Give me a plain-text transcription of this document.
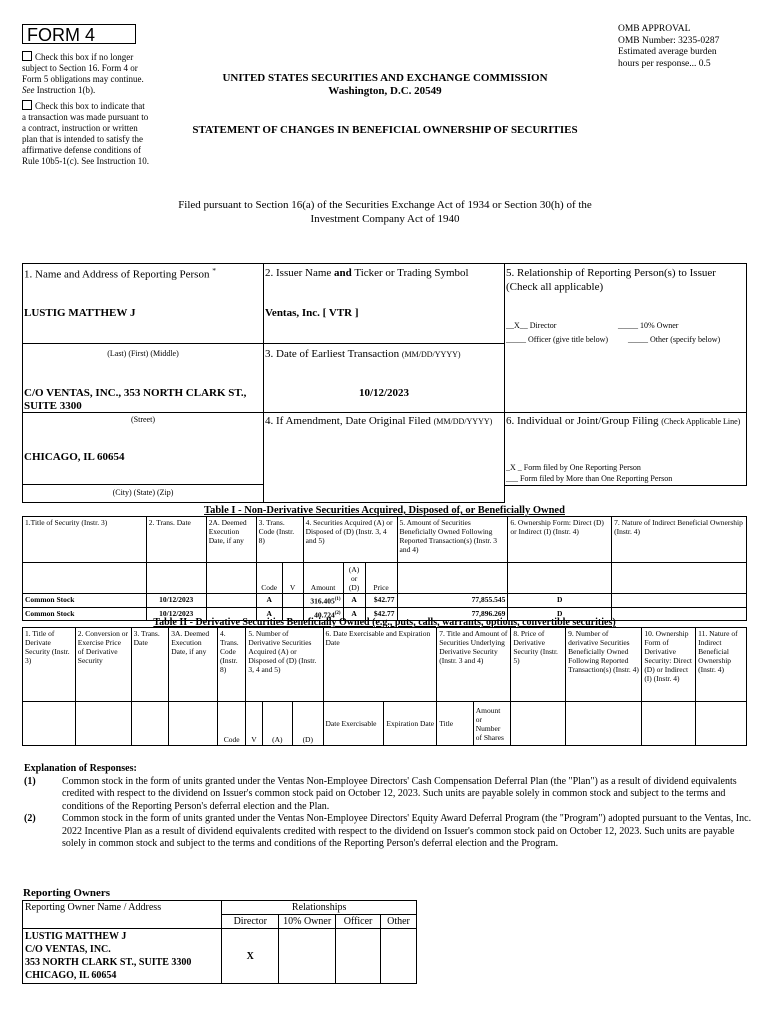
FORM 4
Check this box if no longer subject to Section 16. Form 4 or Form 5 obligations may continue. See Instruction 1(b).
Check this box to indicate that a transaction was made pursuant to a contract, instruction or written plan that is intended to satisfy the affirmative defense conditions of Rule 10b5-1(c). See Instruction 10.
UNITED STATES SECURITIES AND EXCHANGE COMMISSION
Washington, D.C. 20549
STATEMENT OF CHANGES IN BENEFICIAL OWNERSHIP OF SECURITIES
OMB APPROVAL
OMB Number: 3235-0287
Estimated average burden
hours per response... 0.5
Filed pursuant to Section 16(a) of the Securities Exchange Act of 1934 or Section 30(h) of the
Investment Company Act of 1940
1. Name and Address of Reporting Person *
LUSTIG MATTHEW J
(Last) (First) (Middle)
C/O VENTAS, INC., 353 NORTH CLARK ST., SUITE 3300
(Street)
CHICAGO, IL 60654
(City) (State) (Zip)
2. Issuer Name and Ticker or Trading Symbol
Ventas, Inc. [ VTR ]
3. Date of Earliest Transaction (MM/DD/YYYY)
10/12/2023
4. If Amendment, Date Original Filed (MM/DD/YYYY)
5. Relationship of Reporting Person(s) to Issuer (Check all applicable)
__X__ Director	_____ 10% Owner
_____ Officer (give title below) _____ Other (specify below)
6. Individual or Joint/Group Filing (Check Applicable Line)
_X _ Form filed by One Reporting Person
___ Form filed by More than One Reporting Person
Table I - Non-Derivative Securities Acquired, Disposed of, or Beneficially Owned
1.Title of Security (Instr. 3)	2. Trans. Date	2A. Deemed Execution Date, if any	3. Trans. Code (Instr. 8)		4. Securities Acquired (A) or Disposed of (D) (Instr. 3, 4 and 5)			5. Amount of Securities Beneficially Owned Following Reported Transaction(s) (Instr. 3 and 4)	6. Ownership Form: Direct (D) or Indirect (I) (Instr. 4)	7. Nature of Indirect Beneficial Ownership (Instr. 4)
			Code	V	Amount	(A) or (D)	Price			
Common Stock	10/12/2023		A		316.405$^{(1)}$	A	$42.77	77,855.545	D	
Common Stock	10/12/2023		A		40.724$^{(2)}$	A	$42.77	77,896.269	D	
Table II - Derivative Securities Beneficially Owned (e.g., puts, calls, warrants, options, convertible securities)
1. Title of Derivate Security (Instr. 3)	2. Conversion or Exercise Price of Derivative Security	3. Trans. Date	3A. Deemed Execution Date, if any	4. Trans. Code (Instr. 8)	5. Number of Derivative Securities Acquired (A) or Disposed of (D) (Instr. 3, 4 and 5)			6. Date Exercisable and Expiration Date		7. Title and Amount of Securities Underlying Derivative Security (Instr. 3 and 4)		8. Price of Derivative Security (Instr. 5)	9. Number of derivative Securities Beneficially Owned Following Reported Transaction(s) (Instr. 4)	10. Ownership Form of Derivative Security: Direct (D) or Indirect (I) (Instr. 4)	11. Nature of Indirect Beneficial Ownership (Instr. 4)
				Code	V	(A)	(D)	Date Exercisable	Expiration Date	Title	Amount or Number of Shares				
Explanation of Responses:
(1)	Common stock in the form of units granted under the Ventas Non-Employee Directors' Cash Compensation Deferral Plan (the "Plan") as a result of dividend equivalents credited with respect to the dividend on Issuer's common stock paid on October 12, 2023. Such units are payable solely in common stock and subject to the terms and conditions of the Reporting Person's deferral election and the Plan.
(2)	Common stock in the form of units granted under the Ventas Non-Employee Directors' Equity Award Deferral Program (the "Program") adopted pursuant to the Ventas, Inc. 2022 Incentive Plan as a result of dividend equivalents credited with respect to the dividend on Issuer's common stock paid on October 12, 2023. Such units are payable solely in common stock and subject to the terms and conditions of the Reporting Person's deferral election and the Program.
Reporting Owners
Reporting Owner Name / Address	Relationships			
	Director	10% Owner	Officer	Other

LUSTIG MATTHEW J
C/O VENTAS, INC.
353 NORTH CLARK ST., SUITE 3300
CHICAGO, IL 60654	X			
